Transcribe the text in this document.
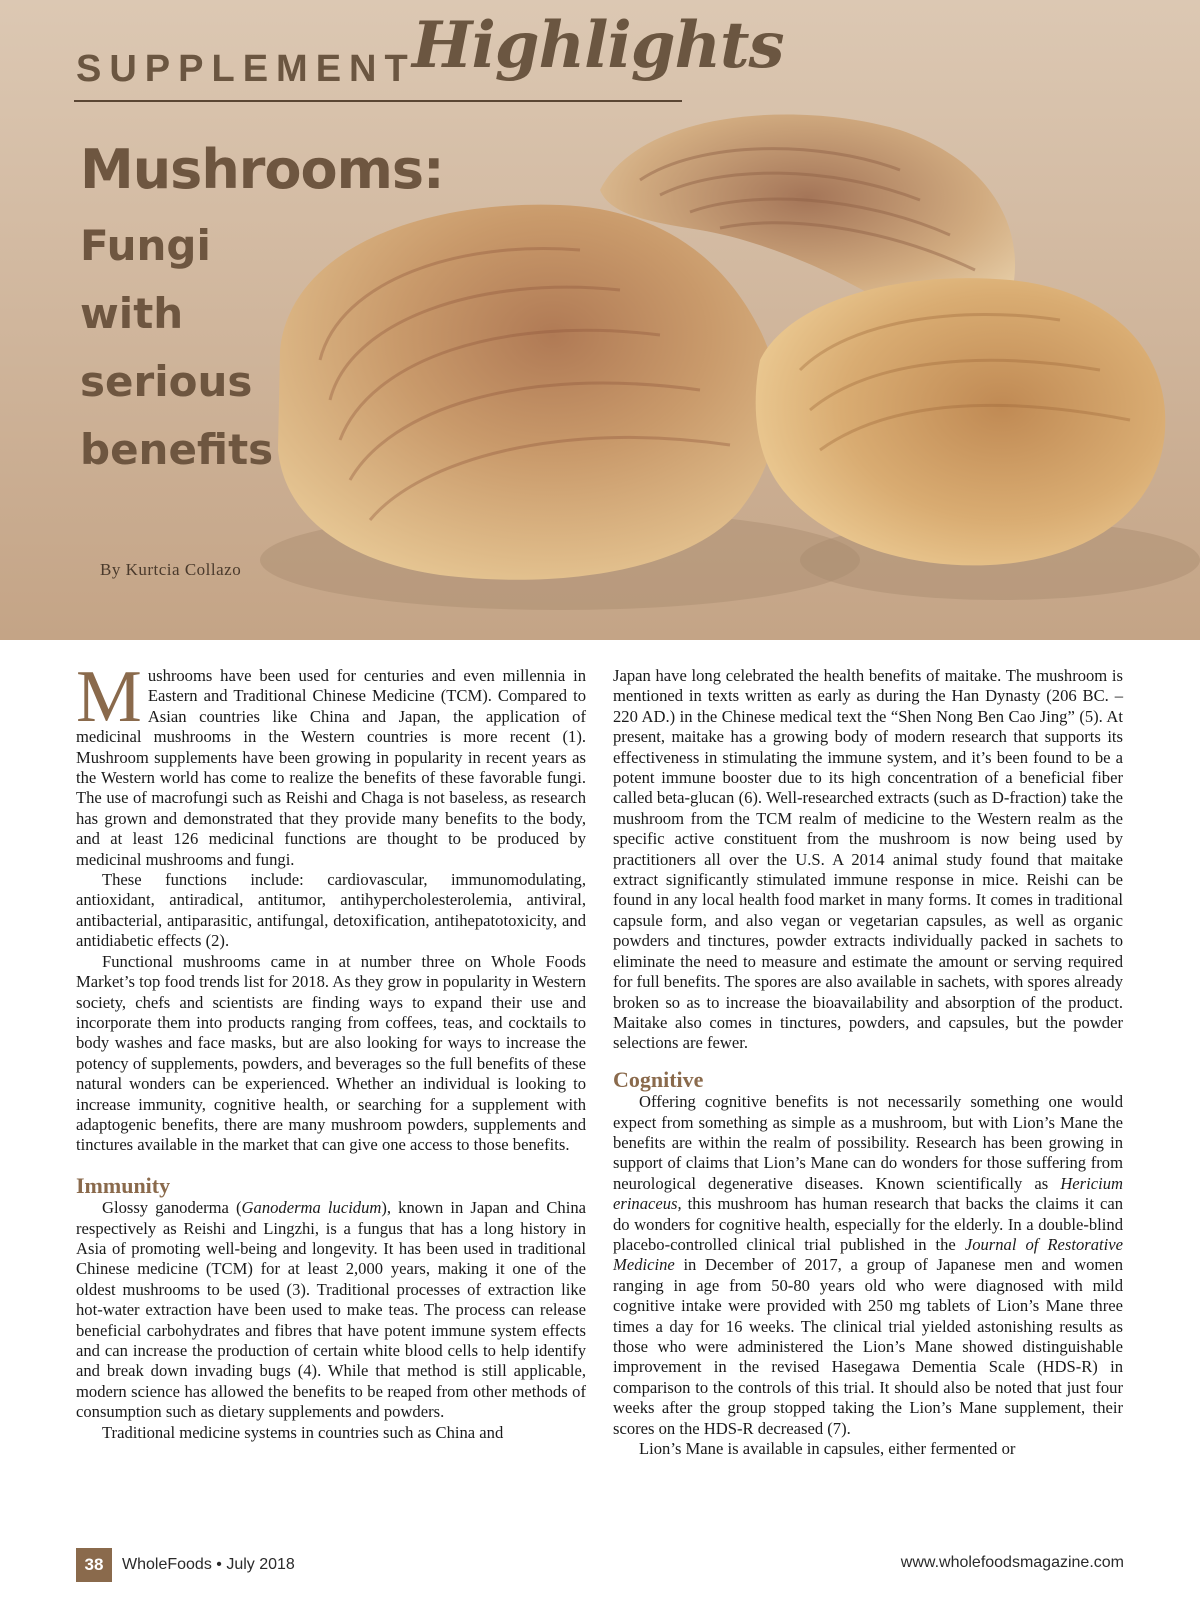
SUPPLEMENT
Highlights
Mushrooms:
Fungi
with
serious
benefits
By Kurtcia Collazo

Mushrooms have been used for centuries and even millennia in Eastern and Traditional Chinese Medicine (TCM). Compared to Asian countries like China and Japan, the application of medicinal mushrooms in the Western countries is more recent (1). Mushroom supplements have been growing in popularity in recent years as the Western world has come to realize the benefits of these favorable fungi. The use of macrofungi such as Reishi and Chaga is not baseless, as research has grown and demonstrated that they provide many benefits to the body, and at least 126 medicinal functions are thought to be produced by medicinal mushrooms and fungi.

These functions include: cardiovascular, immunomodulating, antioxidant, antiradical, antitumor, antihypercholesterolemia, antiviral, antibacterial, antiparasitic, antifungal, detoxification, antihepatotoxicity, and antidiabetic effects (2).

Functional mushrooms came in at number three on Whole Foods Market’s top food trends list for 2018. As they grow in popularity in Western society, chefs and scientists are finding ways to expand their use and incorporate them into products ranging from coffees, teas, and cocktails to body washes and face masks, but are also looking for ways to increase the potency of supplements, powders, and beverages so the full benefits of these natural wonders can be experienced. Whether an individual is looking to increase immunity, cognitive health, or searching for a supplement with adaptogenic benefits, there are many mushroom powders, supplements and tinctures available in the market that can give one access to those benefits.

Immunity

Glossy ganoderma (Ganoderma lucidum), known in Japan and China respectively as Reishi and Lingzhi, is a fungus that has a long history in Asia of promoting well-being and longevity. It has been used in traditional Chinese medicine (TCM) for at least 2,000 years, making it one of the oldest mushrooms to be used (3). Traditional processes of extraction like hot-water extraction have been used to make teas. The process can release beneficial carbohydrates and fibres that have potent immune system effects and can increase the production of certain white blood cells to help identify and break down invading bugs (4). While that method is still applicable, modern science has allowed the benefits to be reaped from other methods of consumption such as dietary supplements and powders.

Traditional medicine systems in countries such as China and

Japan have long celebrated the health benefits of maitake. The mushroom is mentioned in texts written as early as during the Han Dynasty (206 BC. – 220 AD.) in the Chinese medical text the “Shen Nong Ben Cao Jing” (5). At present, maitake has a growing body of modern research that supports its effectiveness in stimulating the immune system, and it’s been found to be a potent immune booster due to its high concentration of a beneficial fiber called beta-glucan (6). Well-researched extracts (such as D-fraction) take the mushroom from the TCM realm of medicine to the Western realm as the specific active constituent from the mushroom is now being used by practitioners all over the U.S. A 2014 animal study found that maitake extract significantly stimulated immune response in mice. Reishi can be found in any local health food market in many forms. It comes in traditional capsule form, and also vegan or vegetarian capsules, as well as organic powders and tinctures, powder extracts individually packed in sachets to eliminate the need to measure and estimate the amount or serving required for full benefits. The spores are also available in sachets, with spores already broken so as to increase the bioavailability and absorption of the product. Maitake also comes in tinctures, powders, and capsules, but the powder selections are fewer.

Cognitive

Offering cognitive benefits is not necessarily something one would expect from something as simple as a mushroom, but with Lion’s Mane the benefits are within the realm of possibility. Research has been growing in support of claims that Lion’s Mane can do wonders for those suffering from neurological degenerative diseases. Known scientifically as Hericium erinaceus, this mushroom has human research that backs the claims it can do wonders for cognitive health, especially for the elderly. In a double-blind placebo-controlled clinical trial published in the Journal of Restorative Medicine in December of 2017, a group of Japanese men and women ranging in age from 50-80 years old who were diagnosed with mild cognitive intake were provided with 250 mg tablets of Lion’s Mane three times a day for 16 weeks. The clinical trial yielded astonishing results as those who were administered the Lion’s Mane showed distinguishable improvement in the revised Hasegawa Dementia Scale (HDS-R) in comparison to the controls of this trial. It should also be noted that just four weeks after the group stopped taking the Lion’s Mane supplement, their scores on the HDS-R decreased (7).

Lion’s Mane is available in capsules, either fermented or

38	WholeFoods • July 2018	www.wholefoodsmagazine.com
